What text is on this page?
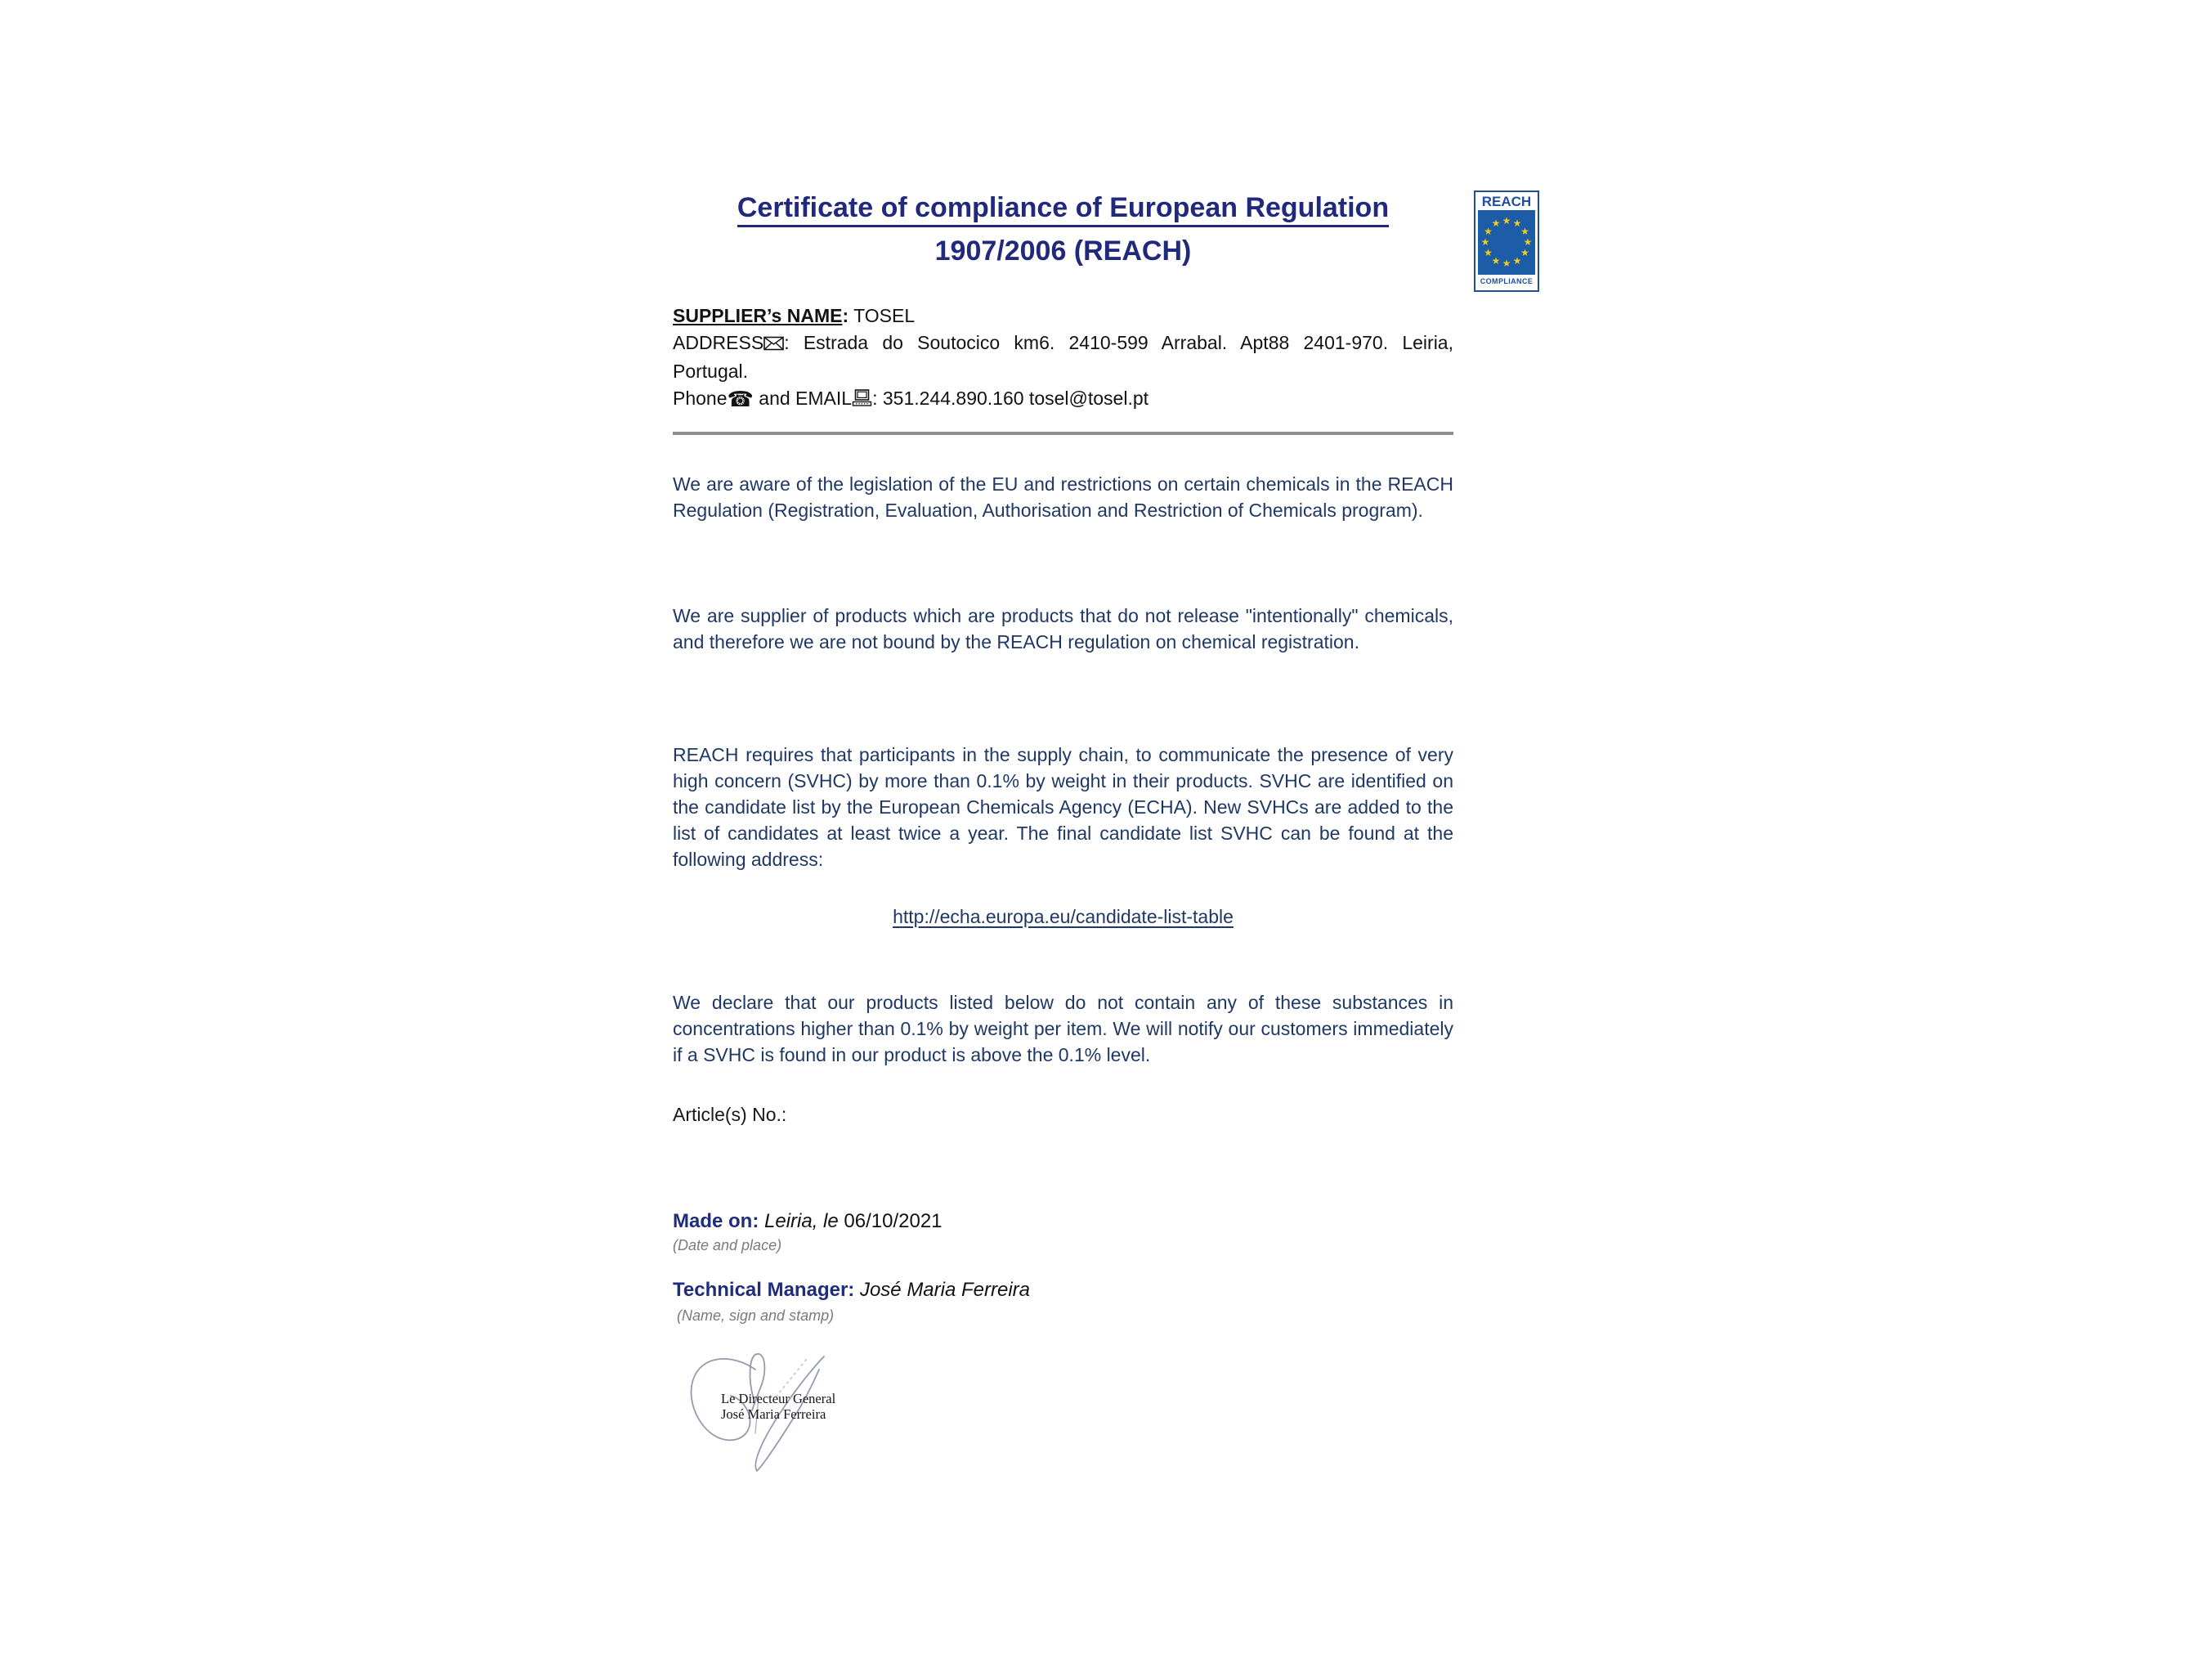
Certificate of compliance of European Regulation
1907/2006 (REACH)
SUPPLIER’s NAME: TOSEL
ADDRESS : Estrada do Soutocico km6. 2410-599 Arrabal. Apt88 2401-970. Leiria, Portugal.
Phone☎ and EMAIL : 351.244.890.160 tosel@tosel.pt
We are aware of the legislation of the EU and restrictions on certain chemicals in the REACH Regulation (Registration, Evaluation, Authorisation and Restriction of Chemicals program).
We are supplier of products which are products that do not release "intentionally" chemicals, and therefore we are not bound by the REACH regulation on chemical registration.
REACH requires that participants in the supply chain, to communicate the presence of very high concern (SVHC) by more than 0.1% by weight in their products. SVHC are identified on the candidate list by the European Chemicals Agency (ECHA). New SVHCs are added to the list of candidates at least twice a year. The final candidate list SVHC can be found at the following address:
http://echa.europa.eu/candidate-list-table
We declare that our products listed below do not contain any of these substances in concentrations higher than 0.1% by weight per item. We will notify our customers immediately if a SVHC is found in our product is above the 0.1% level.
Article(s) No.:
Made on: Leiria, le 06/10/2021
(Date and place)
Technical Manager: José Maria Ferreira
(Name, sign and stamp)
Le Directeur General
José Maria Ferreira
REACH
★ ★
★
★
★
★
★
★
★
★
★
★
COMPLIANCE
